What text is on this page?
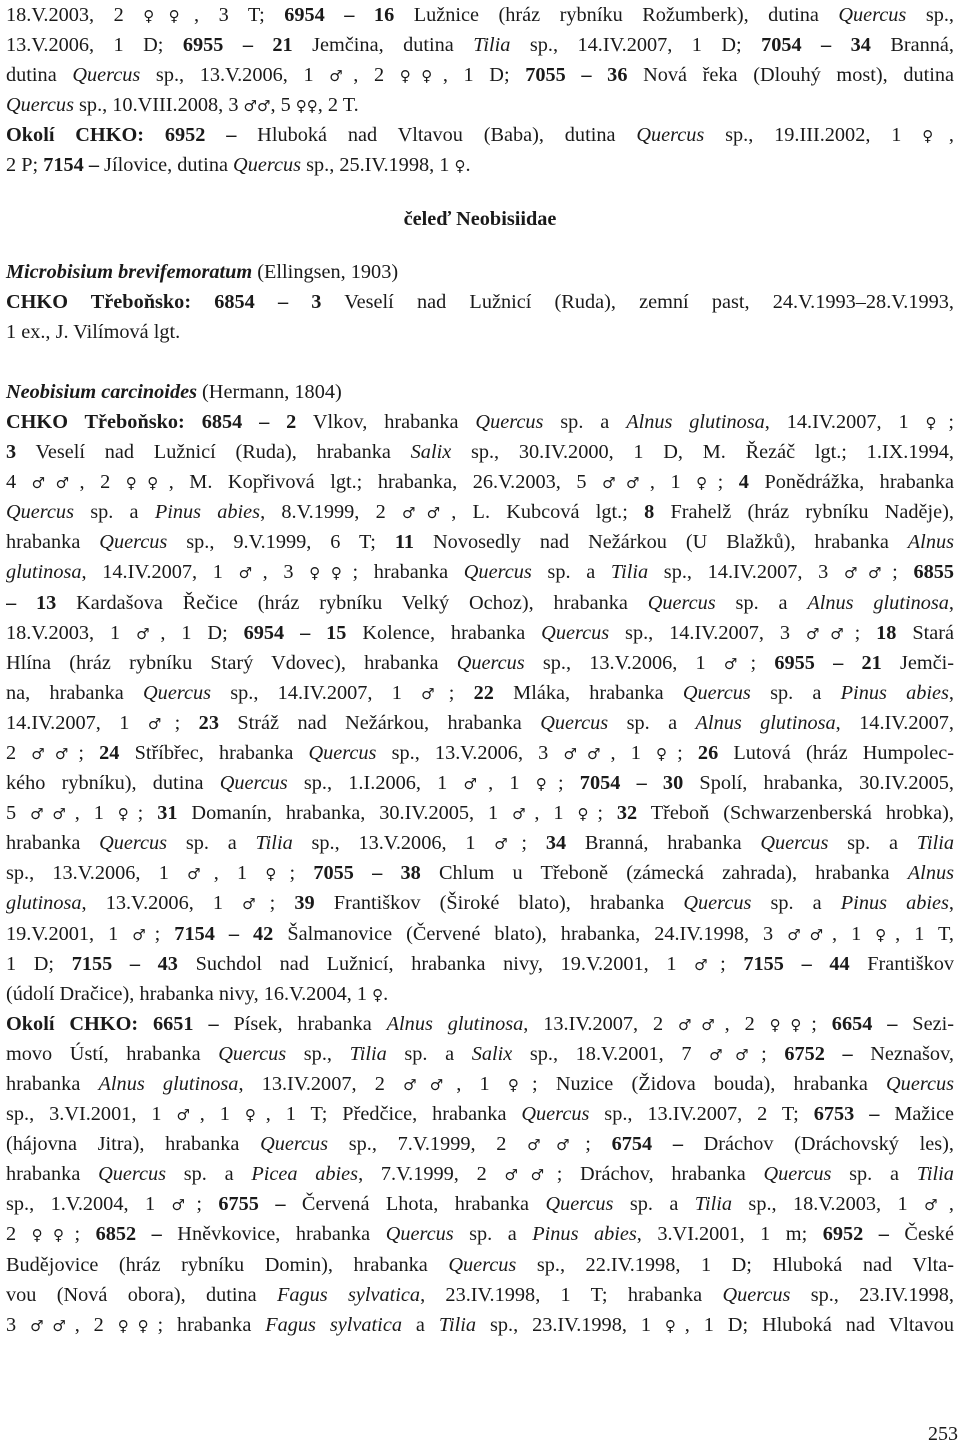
18.V.2003, 2 ♀♀, 3 T; 6954 – 16 Lužnice (hráz rybníku Rožumberk), dutina Quercus sp.,
13.V.2006, 1 D; 6955 – 21 Jemčina, dutina Tilia sp., 14.IV.2007, 1 D; 7054 – 34 Branná,
dutina Quercus sp., 13.V.2006, 1 ♂, 2 ♀♀, 1 D; 7055 – 36 Nová řeka (Dlouhý most), dutina
Quercus sp., 10.VIII.2008, 3 ♂♂, 5 ♀♀, 2 T.
Okolí CHKO: 6952 – Hluboká nad Vltavou (Baba), dutina Quercus sp., 19.III.2002, 1 ♀,
2 P; 7154 – Jílovice, dutina Quercus sp., 25.IV.1998, 1 ♀.
čeleď Neobisiidae
Microbisium brevifemoratum (Ellingsen, 1903)
CHKO Třeboňsko: 6854 – 3 Veselí nad Lužnicí (Ruda), zemní past, 24.V.1993–28.V.1993,
1 ex., J. Vilímová lgt.
Neobisium carcinoides (Hermann, 1804)
CHKO Třeboňsko: 6854 – 2 Vlkov, hrabanka Quercus sp. a Alnus glutinosa, 14.IV.2007, 1 ♀;
3 Veselí nad Lužnicí (Ruda), hrabanka Salix sp., 30.IV.2000, 1 D, M. Řezáč lgt.; 1.IX.1994,
4 ♂♂, 2 ♀♀, M. Kopřivová lgt.; hrabanka, 26.V.2003, 5 ♂♂, 1 ♀; 4 Ponědrážka, hrabanka
Quercus sp. a Pinus abies, 8.V.1999, 2 ♂♂, L. Kubcová lgt.; 8 Frahelž (hráz rybníku Naděje),
hrabanka Quercus sp., 9.V.1999, 6 T; 11 Novosedly nad Nežárkou (U Blažků), hrabanka Alnus
glutinosa, 14.IV.2007, 1 ♂, 3 ♀♀; hrabanka Quercus sp. a Tilia sp., 14.IV.2007, 3 ♂♂; 6855
– 13 Kardašova Řečice (hráz rybníku Velký Ochoz), hrabanka Quercus sp. a Alnus glutinosa,
18.V.2003, 1 ♂, 1 D; 6954 – 15 Kolence, hrabanka Quercus sp., 14.IV.2007, 3 ♂♂; 18 Stará
Hlína (hráz rybníku Starý Vdovec), hrabanka Quercus sp., 13.V.2006, 1 ♂; 6955 – 21 Jemči-
na, hrabanka Quercus sp., 14.IV.2007, 1 ♂; 22 Mláka, hrabanka Quercus sp. a Pinus abies,
14.IV.2007, 1 ♂; 23 Stráž nad Nežárkou, hrabanka Quercus sp. a Alnus glutinosa, 14.IV.2007,
2 ♂♂; 24 Stříbřec, hrabanka Quercus sp., 13.V.2006, 3 ♂♂, 1 ♀; 26 Lutová (hráz Humpolec-
kého rybníku), dutina Quercus sp., 1.I.2006, 1 ♂, 1 ♀; 7054 – 30 Spolí, hrabanka, 30.IV.2005,
5 ♂♂, 1 ♀; 31 Domanín, hrabanka, 30.IV.2005, 1 ♂, 1 ♀; 32 Třeboň (Schwarzenberská hrobka),
hrabanka Quercus sp. a Tilia sp., 13.V.2006, 1 ♂; 34 Branná, hrabanka Quercus sp. a Tilia
sp., 13.V.2006, 1 ♂, 1 ♀; 7055 – 38 Chlum u Třeboně (zámecká zahrada), hrabanka Alnus
glutinosa, 13.V.2006, 1 ♂; 39 Františkov (Široké blato), hrabanka Quercus sp. a Pinus abies,
19.V.2001, 1 ♂; 7154 – 42 Šalmanovice (Červené blato), hrabanka, 24.IV.1998, 3 ♂♂, 1 ♀, 1 T,
1 D; 7155 – 43 Suchdol nad Lužnicí, hrabanka nivy, 19.V.2001, 1 ♂; 7155 – 44 Františkov
(údolí Dračice), hrabanka nivy, 16.V.2004, 1 ♀.
Okolí CHKO: 6651 – Písek, hrabanka Alnus glutinosa, 13.IV.2007, 2 ♂♂, 2 ♀♀; 6654 – Sezi-
movo Ústí, hrabanka Quercus sp., Tilia sp. a Salix sp., 18.V.2001, 7 ♂♂; 6752 – Neznašov,
hrabanka Alnus glutinosa, 13.IV.2007, 2 ♂♂, 1 ♀; Nuzice (Židova bouda), hrabanka Quercus
sp., 3.VI.2001, 1 ♂, 1 ♀, 1 T; Předčice, hrabanka Quercus sp., 13.IV.2007, 2 T; 6753 – Mažice
(hájovna Jitra), hrabanka Quercus sp., 7.V.1999, 2 ♂♂; 6754 – Dráchov (Dráchovský les),
hrabanka Quercus sp. a Picea abies, 7.V.1999, 2 ♂♂; Dráchov, hrabanka Quercus sp. a Tilia
sp., 1.V.2004, 1 ♂; 6755 – Červená Lhota, hrabanka Quercus sp. a Tilia sp., 18.V.2003, 1 ♂,
2 ♀♀; 6852 – Hněvkovice, hrabanka Quercus sp. a Pinus abies, 3.VI.2001, 1 m; 6952 – České
Budějovice (hráz rybníku Domin), hrabanka Quercus sp., 22.IV.1998, 1 D; Hluboká nad Vlta-
vou (Nová obora), dutina Fagus sylvatica, 23.IV.1998, 1 T; hrabanka Quercus sp., 23.IV.1998,
3 ♂♂, 2 ♀♀; hrabanka Fagus sylvatica a Tilia sp., 23.IV.1998, 1 ♀, 1 D; Hluboká nad Vltavou
253
